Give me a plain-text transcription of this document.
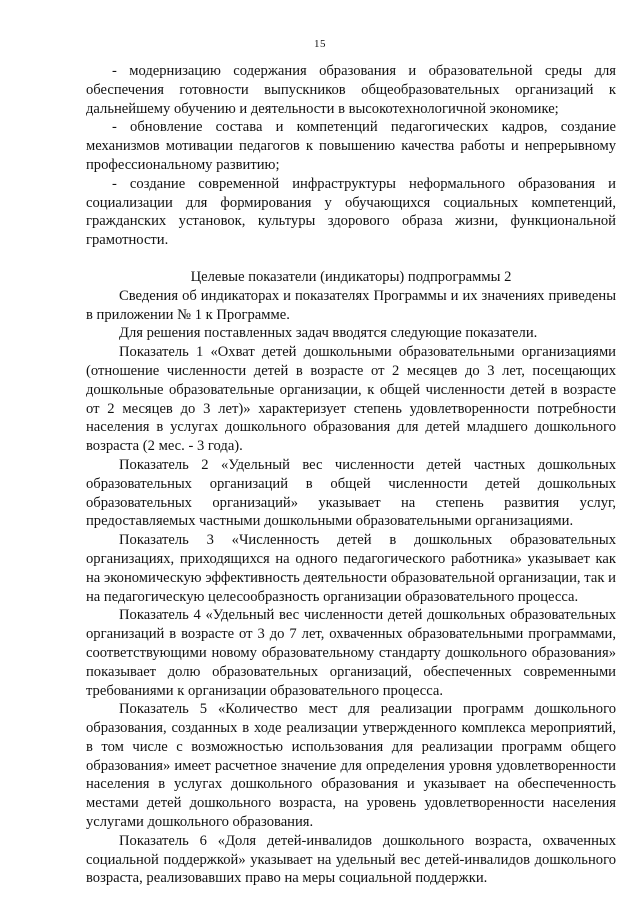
15

- модернизацию содержания образования и образовательной среды для обеспечения готовности выпускников общеобразовательных организаций к дальнейшему обучению и деятельности в высокотехнологичной экономике;

- обновление состава и компетенций педагогических кадров, создание механизмов мотивации педагогов к повышению качества работы и непрерывному профессиональному развитию;

- создание современной инфраструктуры неформального образования и социализации для формирования у обучающихся социальных компетенций, гражданских установок, культуры здорового образа жизни, функциональной грамотности.

Целевые показатели (индикаторы) подпрограммы 2

Сведения об индикаторах и показателях Программы и их значениях приведены в приложении № 1 к Программе.

Для решения поставленных задач вводятся следующие показатели.

Показатель 1 «Охват детей дошкольными образовательными организациями (отношение численности детей в возрасте от 2 месяцев до 3 лет, посещающих дошкольные образовательные организации, к общей численности детей в возрасте от 2 месяцев до 3 лет)» характеризует степень удовлетворенности потребности населения в услугах дошкольного образования для детей младшего дошкольного возраста (2 мес. - 3 года).

Показатель 2 «Удельный вес численности детей частных дошкольных образовательных организаций в общей численности детей дошкольных образовательных организаций» указывает на степень развития услуг, предоставляемых частными дошкольными образовательными организациями.

Показатель 3 «Численность детей в дошкольных образовательных организациях, приходящихся на одного педагогического работника» указывает как на экономическую эффективность деятельности образовательной организации, так и на педагогическую целесообразность организации образовательного процесса.

Показатель 4 «Удельный вес численности детей дошкольных образовательных организаций в возрасте от 3 до 7 лет, охваченных образовательными программами, соответствующими новому образовательному стандарту дошкольного образования» показывает долю образовательных организаций, обеспеченных современными требованиями к организации образовательного процесса.

Показатель 5 «Количество мест для реализации программ дошкольного образования, созданных в ходе реализации утвержденного комплекса мероприятий, в том числе с возможностью использования для реализации программ общего образования» имеет расчетное значение для определения уровня удовлетворенности населения в услугах дошкольного образования и указывает на обеспеченность местами детей дошкольного возраста, на уровень удовлетворенности населения услугами дошкольного образования.

Показатель 6 «Доля детей-инвалидов дошкольного возраста, охваченных социальной поддержкой» указывает на удельный вес детей-инвалидов дошкольного возраста, реализовавших право на меры социальной поддержки.
